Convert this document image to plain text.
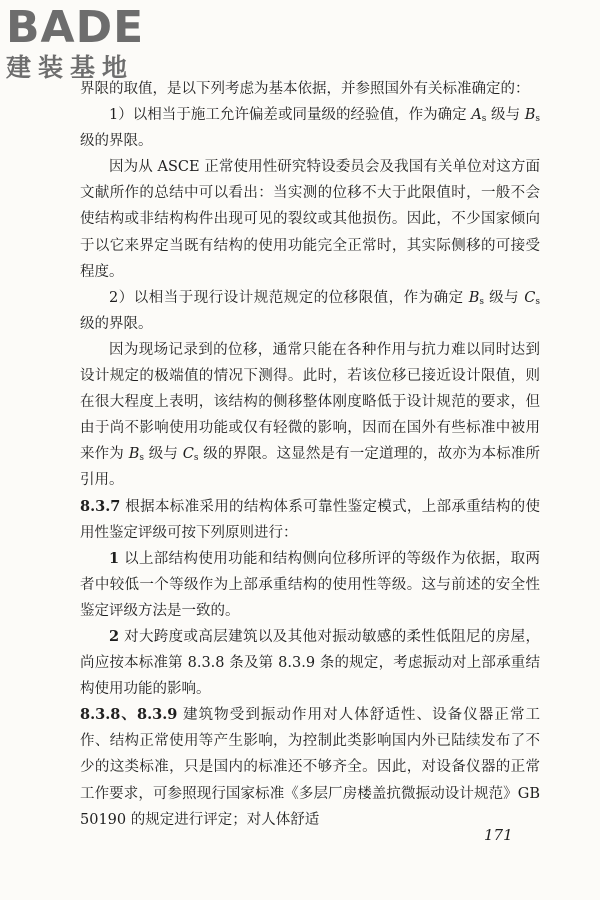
BADE
建装基地

界限的取值，是以下列考虑为基本依据，并参照国外有关标准确定的：

1）以相当于施工允许偏差或同量级的经验值，作为确定 $A_s$ 级与 $B_s$ 级的界限。

因为从 ASCE 正常使用性研究特设委员会及我国有关单位对这方面文献所作的总结中可以看出：当实测的位移不大于此限值时，一般不会使结构或非结构构件出现可见的裂纹或其他损伤。因此，不少国家倾向于以它来界定当既有结构的使用功能完全正常时，其实际侧移的可接受程度。

2）以相当于现行设计规范规定的位移限值，作为确定 $B_s$ 级与 $C_s$ 级的界限。

因为现场记录到的位移，通常只能在各种作用与抗力难以同时达到设计规定的极端值的情况下测得。此时，若该位移已接近设计限值，则在很大程度上表明，该结构的侧移整体刚度略低于设计规范的要求，但由于尚不影响使用功能或仅有轻微的影响，因而在国外有些标准中被用来作为 $B_s$ 级与 $C_s$ 级的界限。这显然是有一定道理的，故亦为本标准所引用。

8.3.7 根据本标准采用的结构体系可靠性鉴定模式，上部承重结构的使用性鉴定评级可按下列原则进行：

1 以上部结构使用功能和结构侧向位移所评的等级作为依据，取两者中较低一个等级作为上部承重结构的使用性等级。这与前述的安全性鉴定评级方法是一致的。

2 对大跨度或高层建筑以及其他对振动敏感的柔性低阻尼的房屋，尚应按本标准第 8.3.8 条及第 8.3.9 条的规定，考虑振动对上部承重结构使用功能的影响。

8.3.8、8.3.9 建筑物受到振动作用对人体舒适性、设备仪器正常工作、结构正常使用等产生影响，为控制此类影响国内外已陆续发布了不少的这类标准，只是国内的标准还不够齐全。因此，对设备仪器的正常工作要求，可参照现行国家标准《多层厂房楼盖抗微振动设计规范》GB 50190 的规定进行评定；对人体舒适

171
